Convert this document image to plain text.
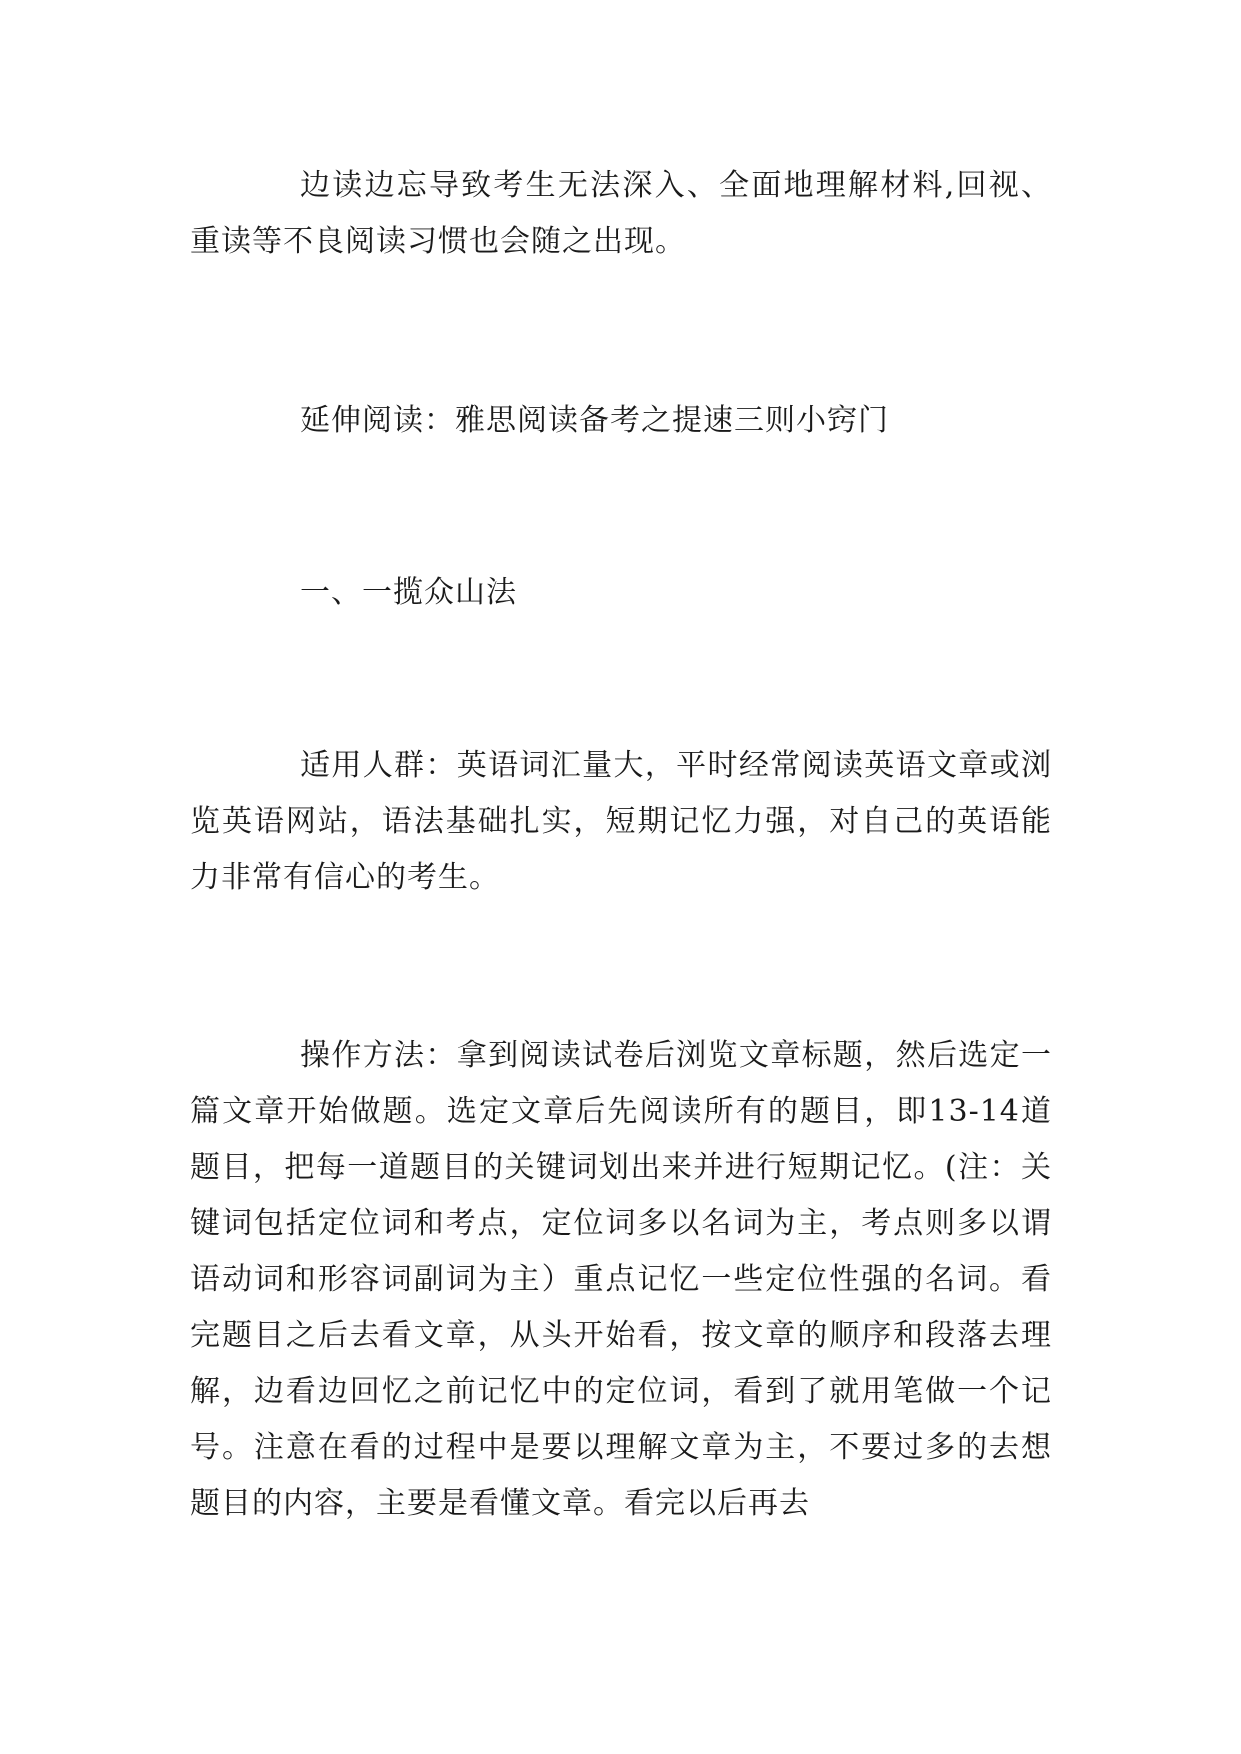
边读边忘导致考生无法深入、全面地理解材料,回视、重读等不良阅读习惯也会随之出现。

延伸阅读：雅思阅读备考之提速三则小窍门

一、一揽众山法

适用人群：英语词汇量大，平时经常阅读英语文章或浏览英语网站，语法基础扎实，短期记忆力强，对自己的英语能力非常有信心的考生。

操作方法：拿到阅读试卷后浏览文章标题，然后选定一篇文章开始做题。选定文章后先阅读所有的题目，即13-14道题目，把每一道题目的关键词划出来并进行短期记忆。(注：关键词包括定位词和考点，定位词多以名词为主，考点则多以谓语动词和形容词副词为主）重点记忆一些定位性强的名词。看完题目之后去看文章，从头开始看，按文章的顺序和段落去理解，边看边回忆之前记忆中的定位词，看到了就用笔做一个记号。注意在看的过程中是要以理解文章为主，不要过多的去想题目的内容，主要是看懂文章。看完以后再去
